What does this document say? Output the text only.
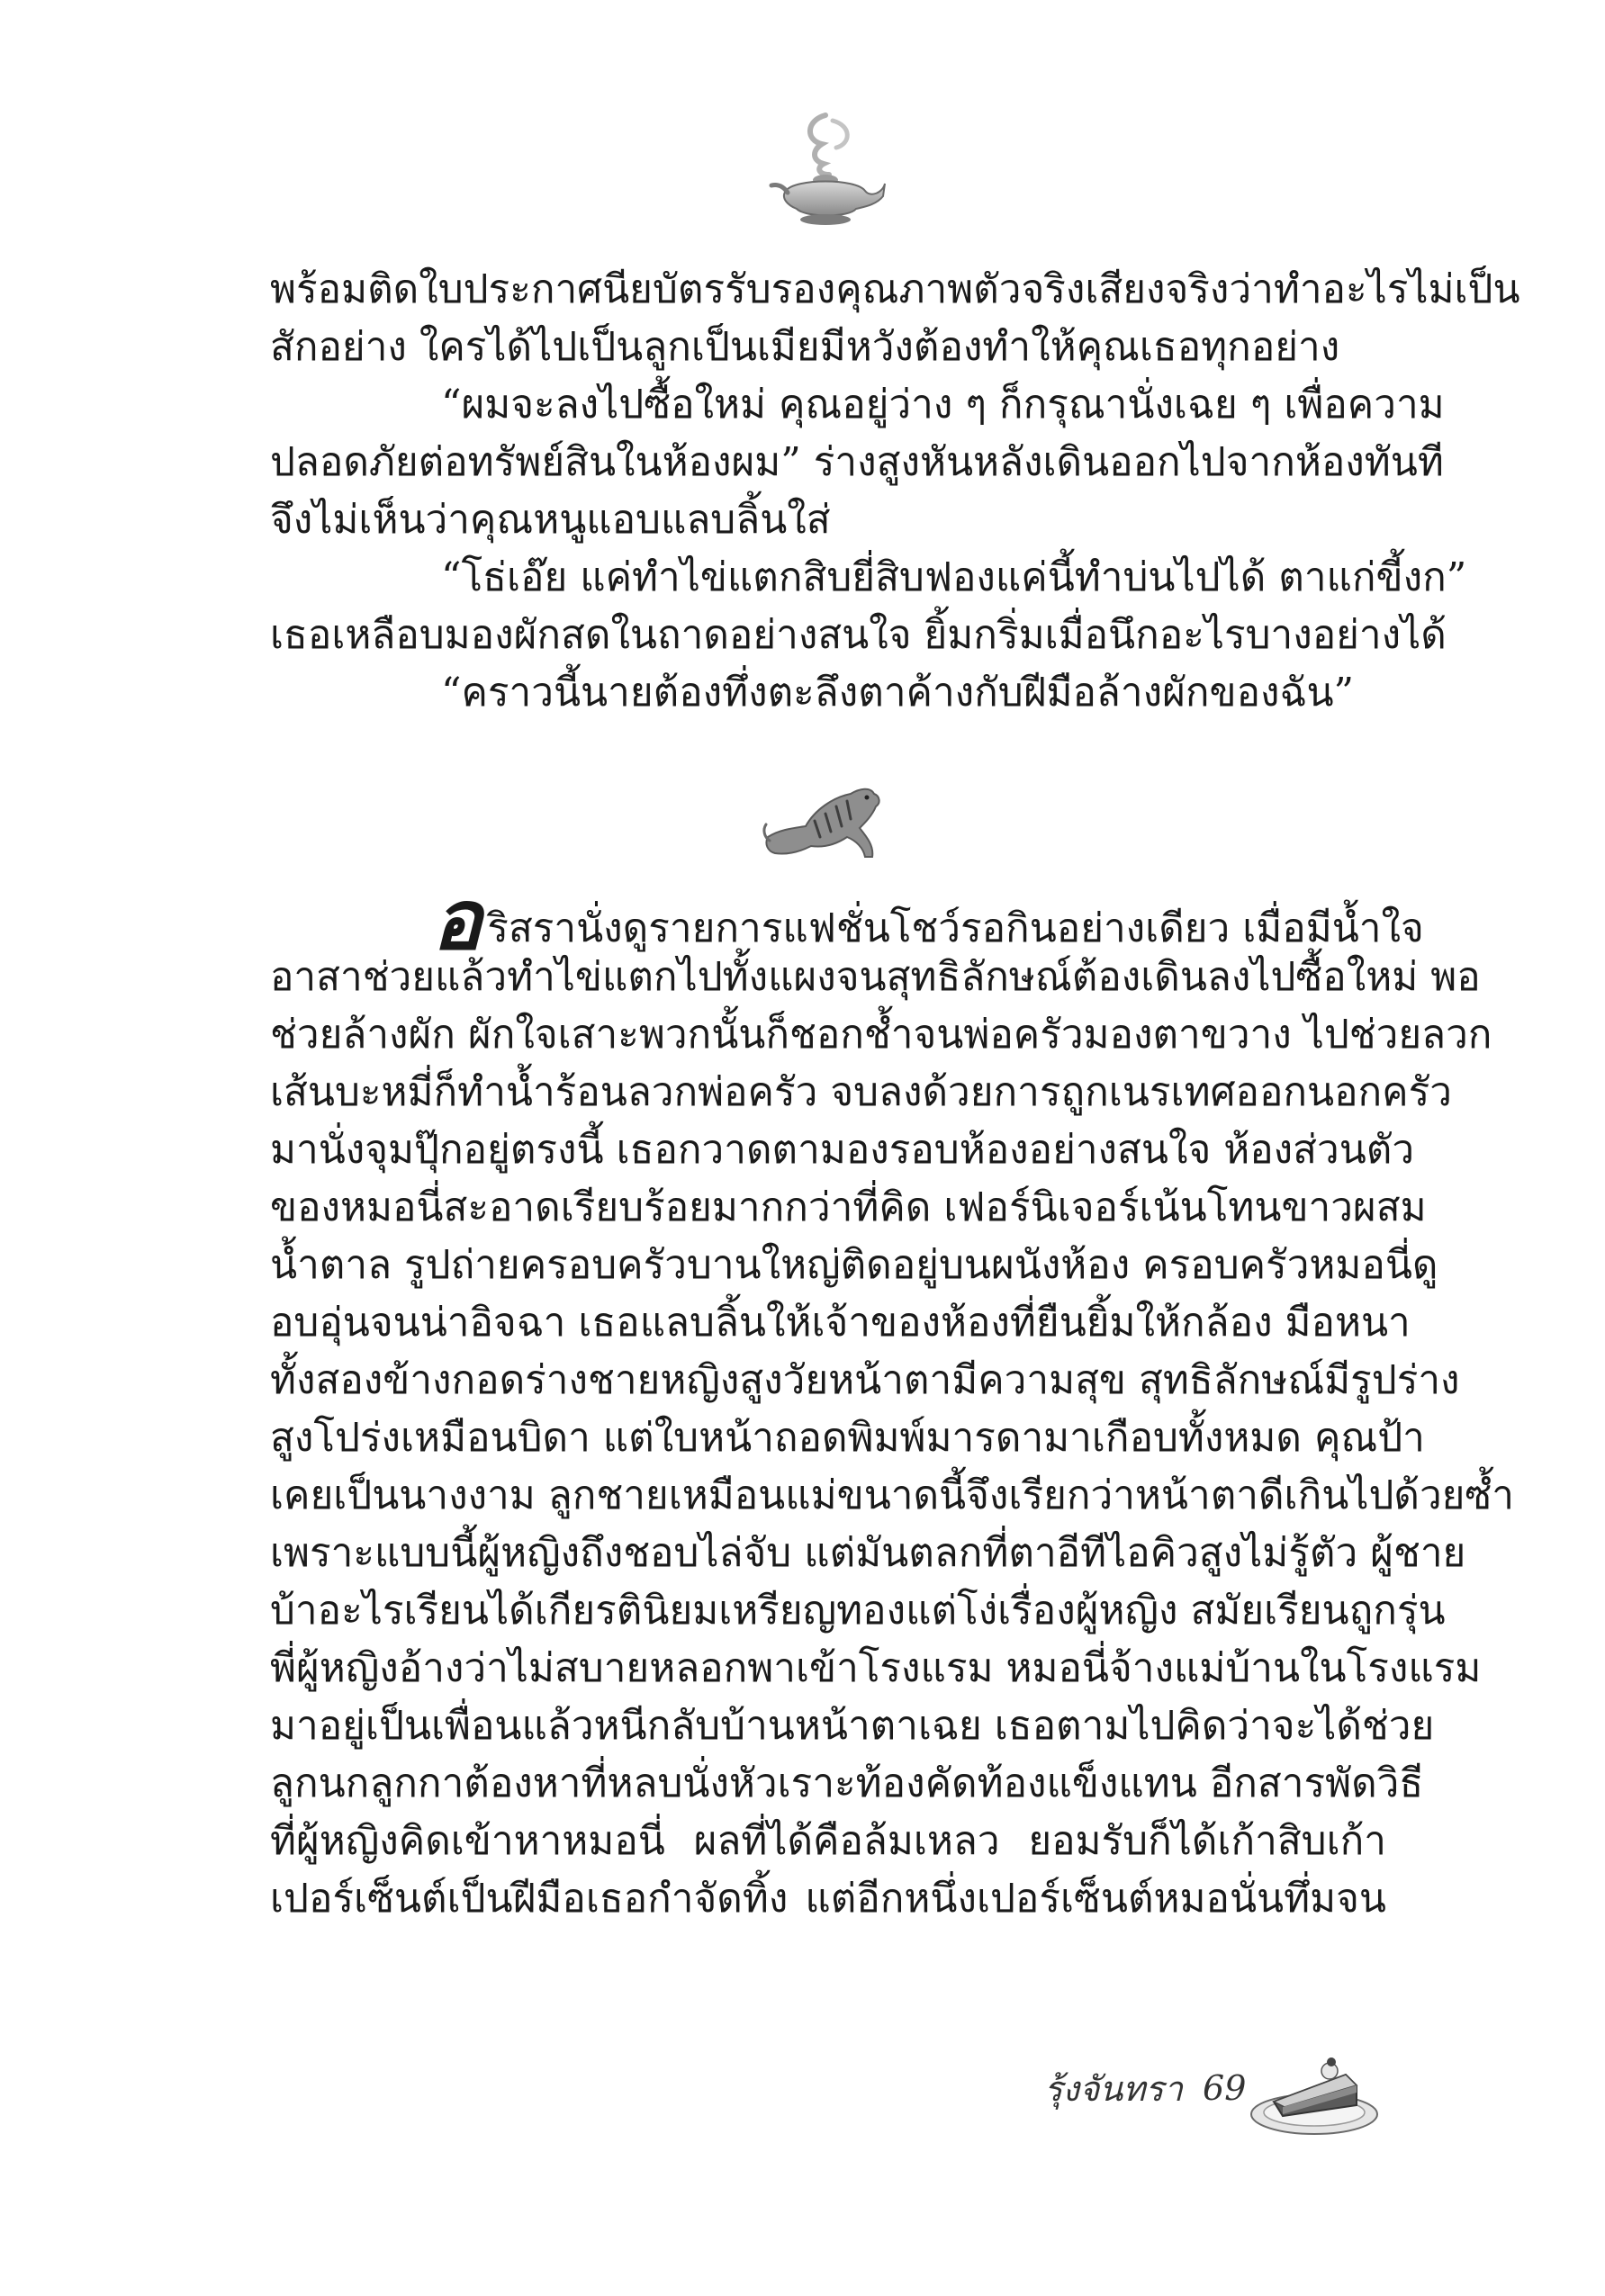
พร้อมติดใบประกาศนียบัตรรับรองคุณภาพตัวจริงเสียงจริงว่าทำอะไรไม่เป็น
สักอย่าง ใครได้ไปเป็นลูกเป็นเมียมีหวังต้องทำให้คุณเธอทุกอย่าง
“ผมจะลงไปซื้อใหม่ คุณอยู่ว่าง ๆ ก็กรุณานั่งเฉย ๆ เพื่อความ
ปลอดภัยต่อทรัพย์สินในห้องผม” ร่างสูงหันหลังเดินออกไปจากห้องทันที
จึงไม่เห็นว่าคุณหนูแอบแลบลิ้นใส่
“โธ่เอ๊ย แค่ทำไข่แตกสิบยี่สิบฟองแค่นี้ทำบ่นไปได้ ตาแก่ขี้งก”
เธอเหลือบมองผักสดในถาดอย่างสนใจ ยิ้มกริ่มเมื่อนึกอะไรบางอย่างได้
“คราวนี้นายต้องทึ่งตะลึงตาค้างกับฝีมือล้างผักของฉัน”
อริสรานั่งดูรายการแฟชั่นโชว์รอกินอย่างเดียว เมื่อมีน้ำใจ
อาสาช่วยแล้วทำไข่แตกไปทั้งแผงจนสุทธิลักษณ์ต้องเดินลงไปซื้อใหม่ พอ
ช่วยล้างผัก ผักใจเสาะพวกนั้นก็ชอกช้ำจนพ่อครัวมองตาขวาง ไปช่วยลวก
เส้นบะหมี่ก็ทำน้ำร้อนลวกพ่อครัว จบลงด้วยการถูกเนรเทศออกนอกครัว
มานั่งจุมปุ๊กอยู่ตรงนี้ เธอกวาดตามองรอบห้องอย่างสนใจ ห้องส่วนตัว
ของหมอนี่สะอาดเรียบร้อยมากกว่าที่คิด เฟอร์นิเจอร์เน้นโทนขาวผสม
น้ำตาล รูปถ่ายครอบครัวบานใหญ่ติดอยู่บนผนังห้อง ครอบครัวหมอนี่ดู
อบอุ่นจนน่าอิจฉา เธอแลบลิ้นให้เจ้าของห้องที่ยืนยิ้มให้กล้อง มือหนา
ทั้งสองข้างกอดร่างชายหญิงสูงวัยหน้าตามีความสุข สุทธิลักษณ์มีรูปร่าง
สูงโปร่งเหมือนบิดา แต่ใบหน้าถอดพิมพ์มารดามาเกือบทั้งหมด คุณป้า
เคยเป็นนางงาม ลูกชายเหมือนแม่ขนาดนี้จึงเรียกว่าหน้าตาดีเกินไปด้วยซ้ำ
เพราะแบบนี้ผู้หญิงถึงชอบไล่จับ แต่มันตลกที่ตาอีทีไอคิวสูงไม่รู้ตัว ผู้ชาย
บ้าอะไรเรียนได้เกียรตินิยมเหรียญทองแต่โง่เรื่องผู้หญิง สมัยเรียนถูกรุ่น
พี่ผู้หญิงอ้างว่าไม่สบายหลอกพาเข้าโรงแรม หมอนี่จ้างแม่บ้านในโรงแรม
มาอยู่เป็นเพื่อนแล้วหนีกลับบ้านหน้าตาเฉย เธอตามไปคิดว่าจะได้ช่วย
ลูกนกลูกกาต้องหาที่หลบนั่งหัวเราะท้องคัดท้องแข็งแทน อีกสารพัดวิธี
ที่ผู้หญิงคิดเข้าหาหมอนี่ ผลที่ได้คือล้มเหลว ยอมรับก็ได้เก้าสิบเก้า
เปอร์เซ็นต์เป็นฝีมือเธอกำจัดทิ้ง แต่อีกหนึ่งเปอร์เซ็นต์หมอนั่นทึ่มจน
รุ้งจันทรา 69
